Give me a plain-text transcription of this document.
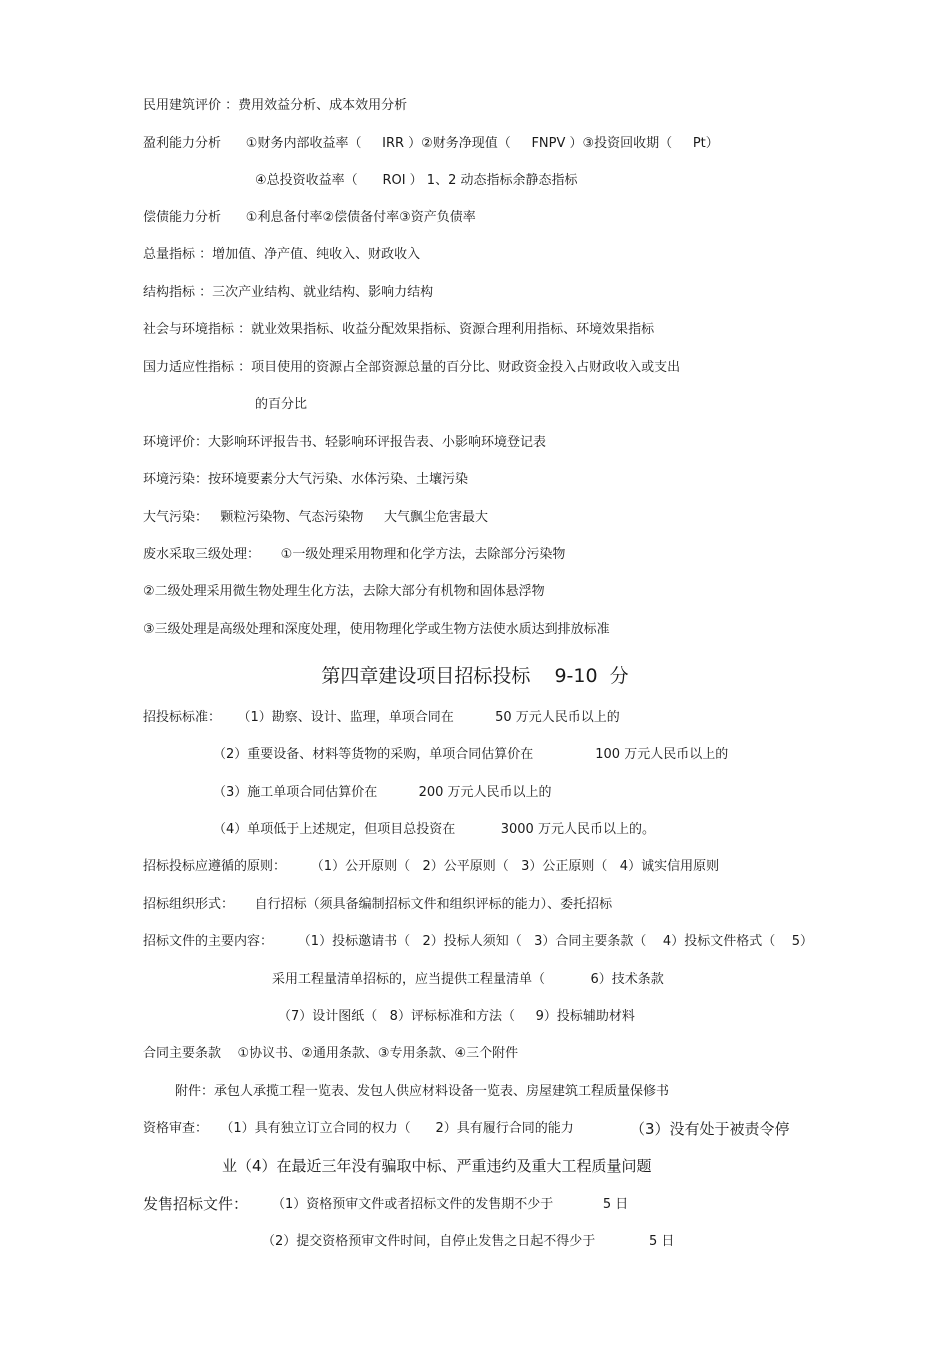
民用建筑评价 ：费用效益分析、成本效用分析
盈利能力分析      ①财务内部收益率（     IRR ）②财务净现值（     FNPV ）③投资回收期（     Pt）
④总投资收益率（      ROI ） 1、2 动态指标余静态指标
偿债能力分析      ①利息备付率②偿债备付率③资产负债率
总量指标 ：增加值、净产值、纯收入、财政收入
结构指标 ：三次产业结构、就业结构、影响力结构
社会与环境指标 ：就业效果指标、收益分配效果指标、资源合理利用指标、环境效果指标
国力适应性指标 ：项目使用的资源占全部资源总量的百分比、财政资金投入占财政收入或支出
的百分比
环境评价：大影响环评报告书、轻影响环评报告表、小影响环境登记表
环境污染：按环境要素分大气污染、水体污染、土壤污染
大气污染：   颗粒污染物、气态污染物     大气飘尘危害最大
废水采取三级处理：     ①一级处理采用物理和化学方法，去除部分污染物
②二级处理采用微生物处理生化方法，去除大部分有机物和固体悬浮物
③三级处理是高级处理和深度处理，使用物理化学或生物方法使水质达到排放标准
第四章建设项目招标投标    9-10  分
招投标标准：    （1）勘察、设计、监理，单项合同在          50 万元人民币以上的
（2）重要设备、材料等货物的采购，单项合同估算价在               100 万元人民币以上的
（3）施工单项合同估算价在          200 万元人民币以上的
（4）单项低于上述规定，但项目总投资在           3000 万元人民币以上的。
招标投标应遵循的原则：      （1）公开原则（   2）公平原则（   3）公正原则（   4）诚实信用原则
招标组织形式：     自行招标（须具备编制招标文件和组织评标的能力）、委托招标
招标文件的主要内容：      （1）投标邀请书（   2）投标人须知（   3）合同主要条款（    4）投标文件格式（    5）
采用工程量清单招标的，应当提供工程量清单（           6）技术条款
（7）设计图纸（   8）评标标准和方法（     9）投标辅助材料
合同主要条款    ①协议书、②通用条款、③专用条款、④三个附件
附件：承包人承揽工程一览表、发包人供应材料设备一览表、房屋建筑工程质量保修书
资格审查：   （1）具有独立订立合同的权力（      2）具有履行合同的能力	（3）没有处于被责令停
业（4）在最近三年没有骗取中标、严重违约及重大工程质量问题
发售招标文件： （1）资格预审文件或者招标文件的发售期不少于            5 日
（2）提交资格预审文件时间，自停止发售之日起不得少于             5 日
